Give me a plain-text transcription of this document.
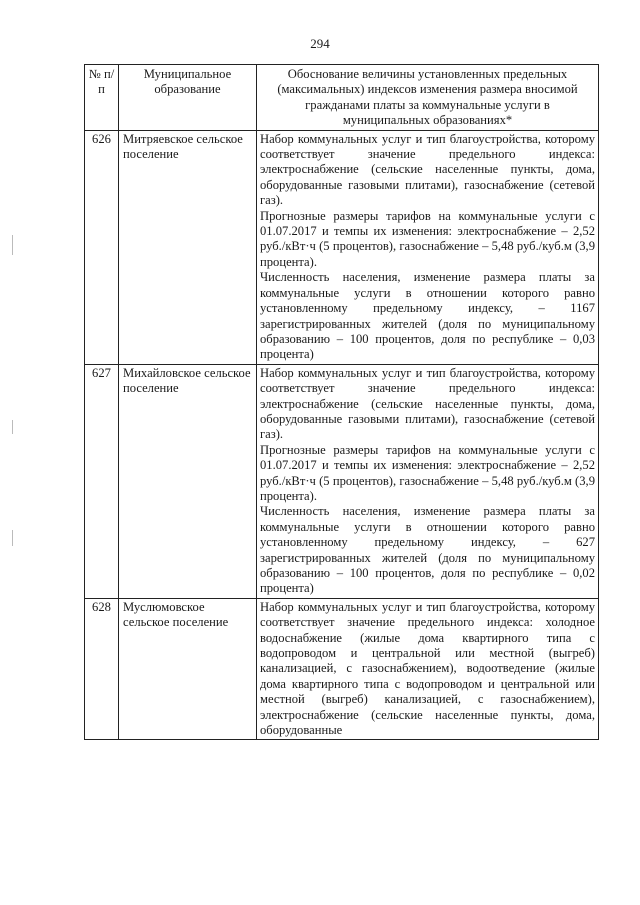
294
№ п/п	Муниципальное образование	Обоснование величины установленных предельных (максимальных) индексов изменения размера вносимой гражданами платы за коммунальные услуги в муниципальных образованиях*
626	Митряевское сельское поселение	Набор коммунальных услуг и тип благоустройства, которому соответствует значение предельного индекса: электроснабжение (сельские населенные пункты, дома, оборудованные газовыми плитами), газоснабжение (сетевой газ).

Прогнозные размеры тарифов на коммунальные услуги с 01.07.2017 и темпы их изменения: электроснабжение – 2,52 руб./кВт·ч (5 процентов), газоснабжение – 5,48 руб./куб.м (3,9 процента).

Численность населения, изменение размера платы за коммунальные услуги в отношении которого равно установленному предельному индексу, – 1167 зарегистрированных жителей (доля по муниципальному образованию – 100 процентов, доля по республике – 0,03 процента)

627	Михайловское сельское поселение	Набор коммунальных услуг и тип благоустройства, которому соответствует значение предельного индекса: электроснабжение (сельские населенные пункты, дома, оборудованные газовыми плитами), газоснабжение (сетевой газ).

Прогнозные размеры тарифов на коммунальные услуги с 01.07.2017 и темпы их изменения: электроснабжение – 2,52 руб./кВт·ч (5 процентов), газоснабжение – 5,48 руб./куб.м (3,9 процента).

Численность населения, изменение размера платы за коммунальные услуги в отношении которого равно установленному предельному индексу, – 627 зарегистрированных жителей (доля по муниципальному образованию – 100 процентов, доля по республике – 0,02 процента)

628	Муслюмовское сельское поселение	Набор коммунальных услуг и тип благоустройства, которому соответствует значение предельного индекса: холодное водоснабжение (жилые дома квартирного типа с водопроводом и центральной или местной (выгреб) канализацией, с газоснабжением), водоотведение (жилые дома квартирного типа с водопроводом и центральной или местной (выгреб) канализацией, с газоснабжением), электроснабжение (сельские населенные пункты, дома, оборудованные
